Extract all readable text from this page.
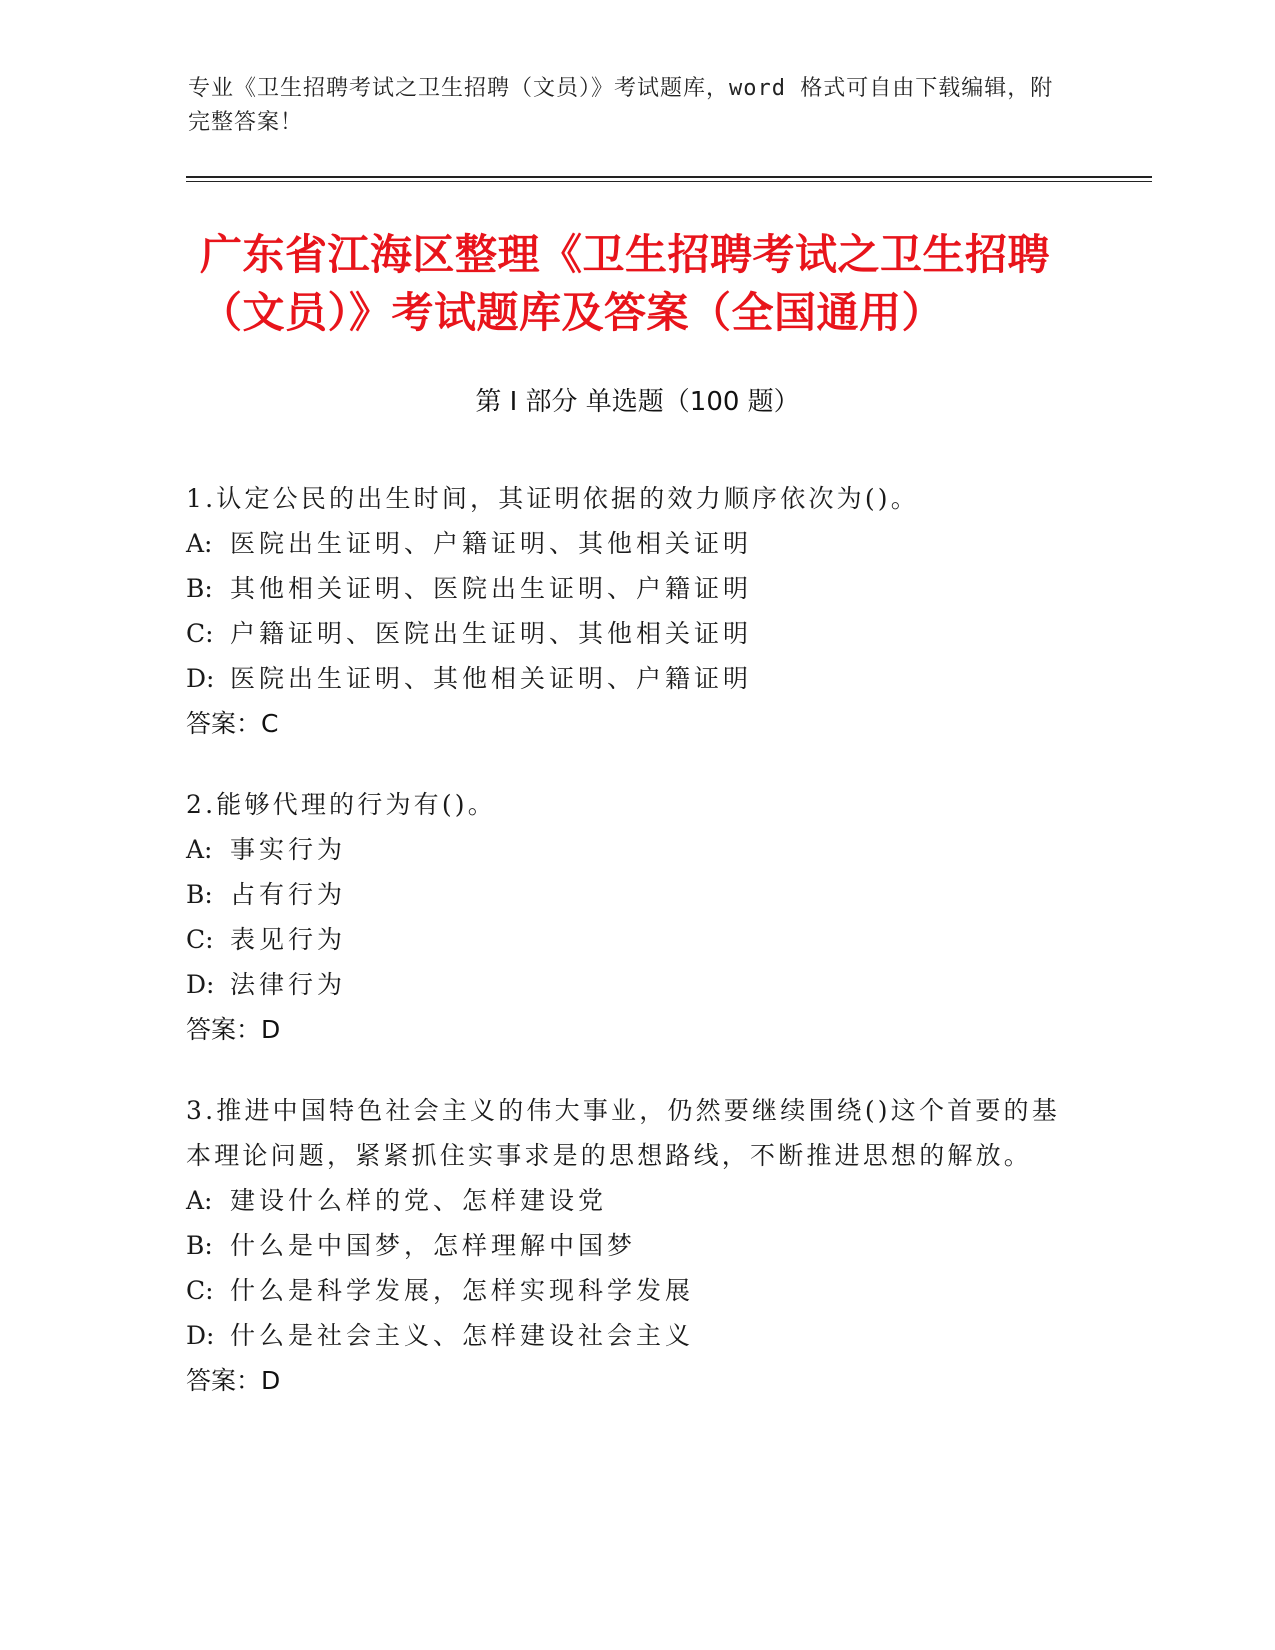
专业《卫生招聘考试之卫生招聘（文员）》考试题库，word 格式可自由下载编辑，附完整答案！
广东省江海区整理《卫生招聘考试之卫生招聘（文员）》考试题库及答案（全国通用）
第 I 部分 单选题（100 题）

1.认定公民的出生时间，其证明依据的效力顺序依次为()。

A: 医院出生证明、户籍证明、其他相关证明
B: 其他相关证明、医院出生证明、户籍证明
C: 户籍证明、医院出生证明、其他相关证明
D: 医院出生证明、其他相关证明、户籍证明
答案：C

2.能够代理的行为有()。

A: 事实行为
B: 占有行为
C: 表见行为
D: 法律行为
答案：D

3.推进中国特色社会主义的伟大事业，仍然要继续围绕()这个首要的基本理论问题，紧紧抓住实事求是的思想路线，不断推进思想的解放。

A: 建设什么样的党、怎样建设党
B: 什么是中国梦，怎样理解中国梦
C: 什么是科学发展，怎样实现科学发展
D: 什么是社会主义、怎样建设社会主义
答案：D
